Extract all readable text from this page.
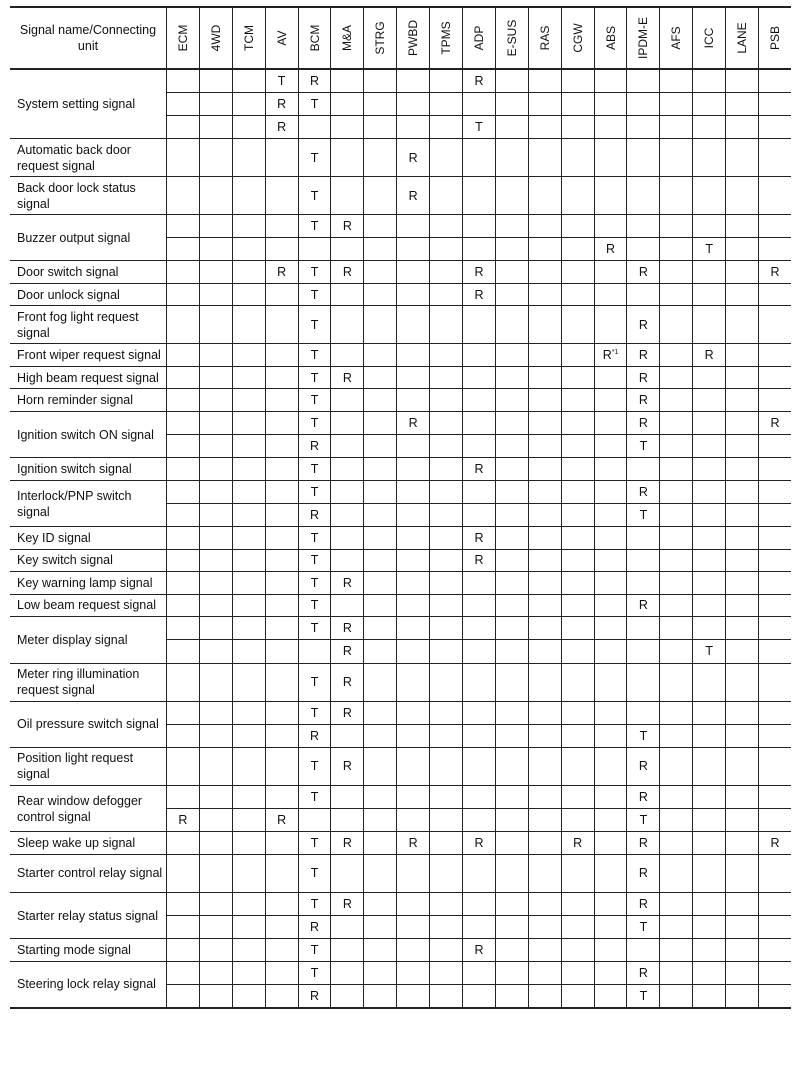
Signal name/Connecting unit	ECM	4WD	TCM	AV	BCM	M&A	STRG	PWBD	TPMS	ADP	E-SUS	RAS	CGW	ABS	IPDM-E	AFS	ICC	LANE	PSB

System setting signal				T	R					R									
				R	T														
				R						T									
Automatic back door request signal					T			R											
Back door lock status signal					T			R											
Buzzer output signal					T	R													
														R			T		
Door switch signal				R	T	R				R					R				R
Door unlock signal					T					R									
Front fog light request signal					T										R				
Front wiper request signal					T									$R^{*1}$	R		R		
High beam request signal					T	R									R				
Horn reminder signal					T										R				
Ignition switch ON signal					T			R							R				R
					R										T				
Ignition switch signal					T					R									
Interlock/PNP switch signal					T										R				
					R										T				
Key ID signal					T					R									
Key switch signal					T					R									
Key warning lamp signal					T	R													
Low beam request signal					T										R				
Meter display signal					T	R													
						R											T		
Meter ring illumination request signal					T	R													
Oil pressure switch signal					T	R													
					R										T				
Position light request signal					T	R									R				
Rear window defogger control signal					T										R				
	R			R											T				
Sleep wake up signal					T	R		R		R			R		R				R
Starter control relay signal					T										R				
Starter relay status signal					T	R									R				
					R										T				
Starting mode signal					T					R									
Steering lock relay signal					T										R				
					R										T				
